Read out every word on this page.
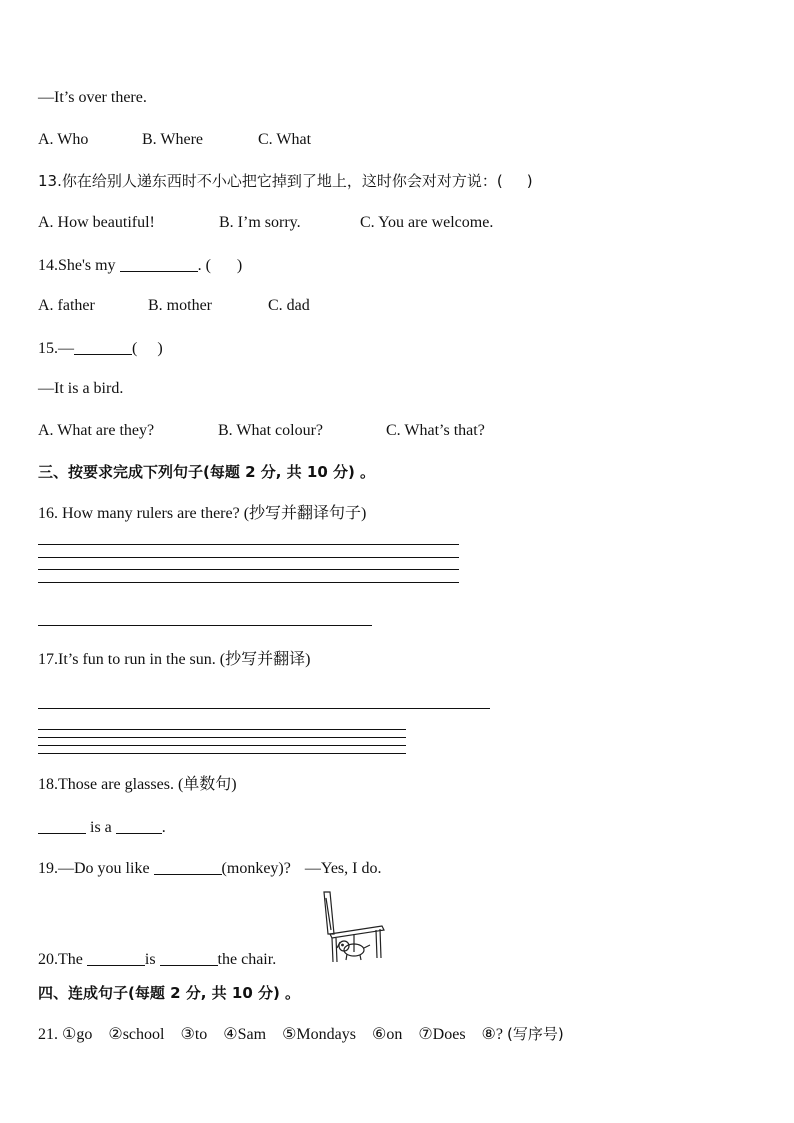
—It’s over there.
A. Who	B. Where	C. What
13.你在给别人递东西时不小心把它掉到了地上，这时你会对对方说：( )
A. How beautiful!	B. I’m sorry.	C. You are welcome.
14.She's my	. ( )
A. father	B. mother	C. dad
15.—	( )
—It is a bird.
A. What are they?	B. What colour?	C. What’s that?
三、按要求完成下列句子(每题 2 分, 共 10 分) 。
16. How many rulers are there? (抄写并翻译句子)
17.It’s fun to run in the sun. (抄写并翻译)
18.Those are glasses. (单数句)
is a	.
19.—Do you like	(monkey)? —Yes, I do.
20.The	is	the chair.
四、连成句子(每题 2 分, 共 10 分) 。
21. ①go ②school ③to ④Sam ⑤Mondays ⑥on ⑦Does ⑧? (写序号)
